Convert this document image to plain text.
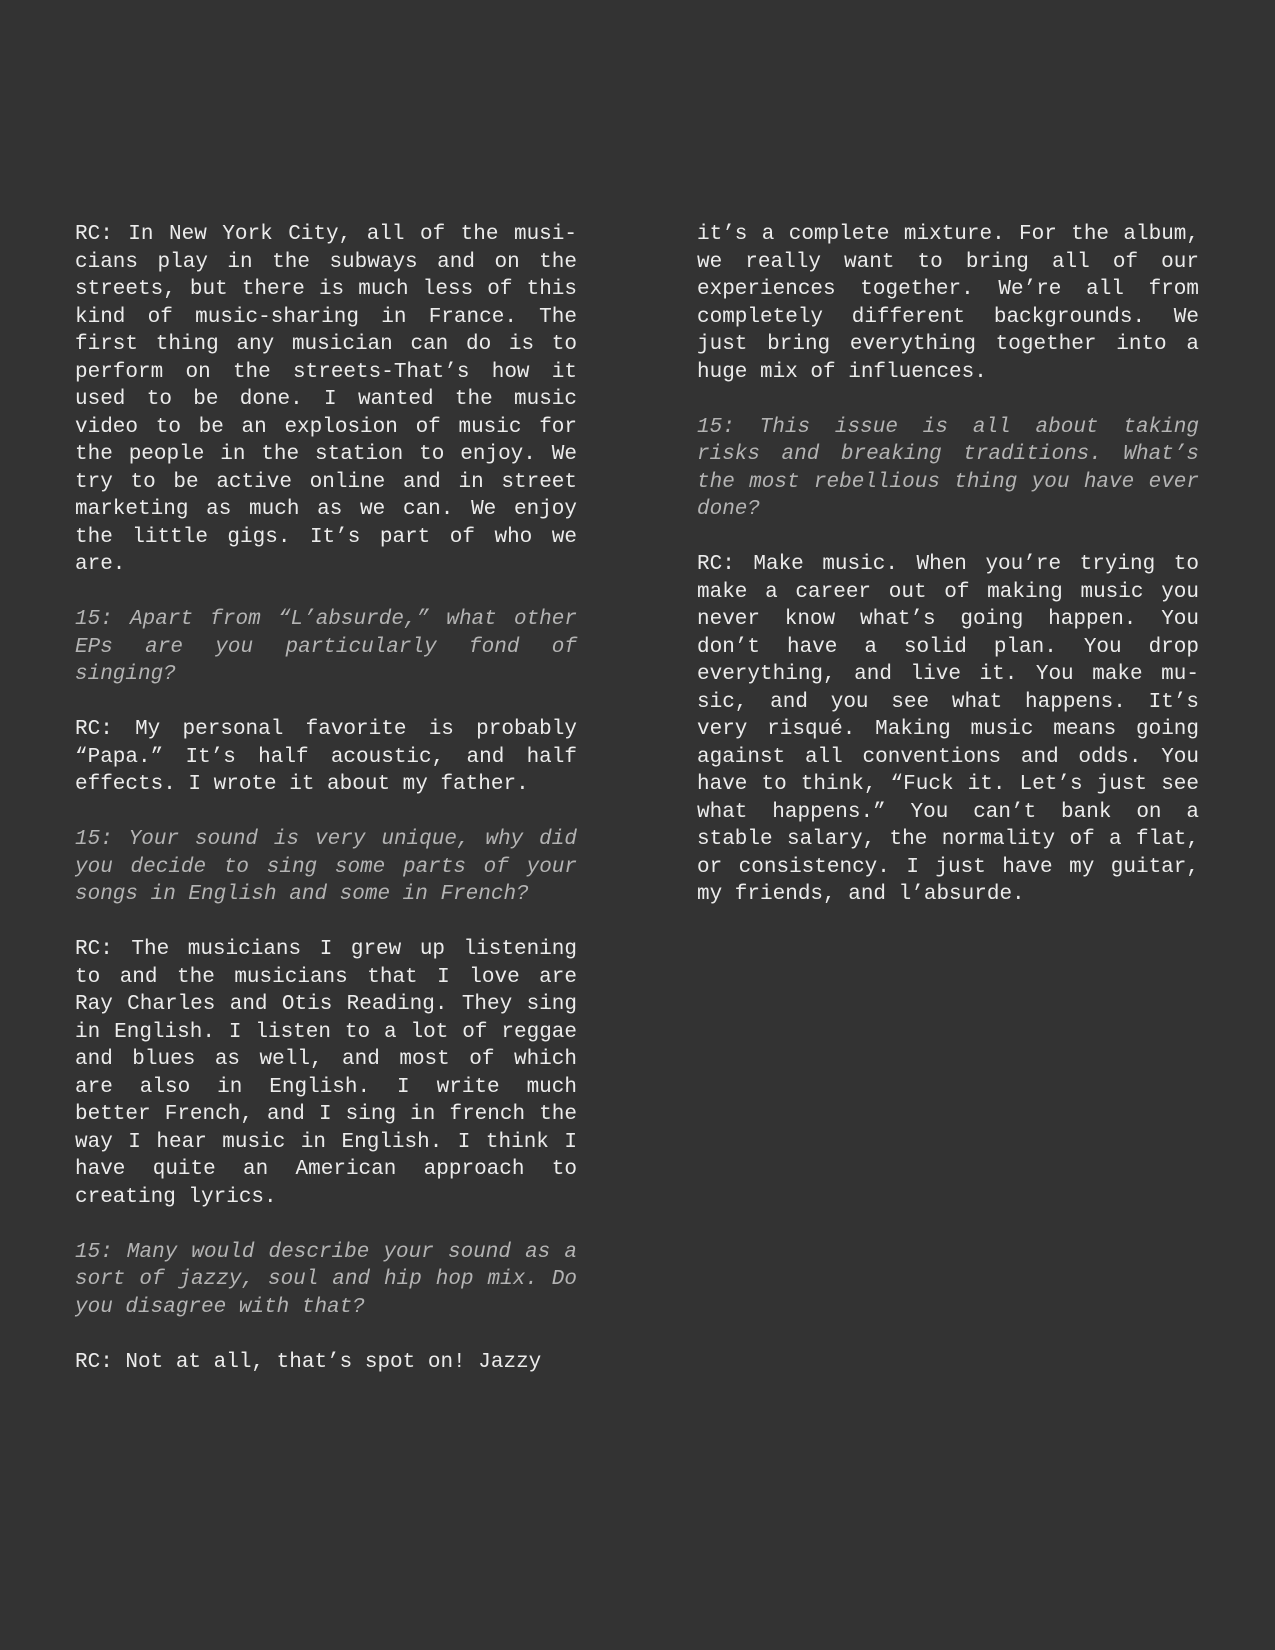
RC: In New York City, all of the musicians play in the subways and on the streets, but there is much less of this kind of music-sharing in France. The first thing any musician can do is to perform on the streets-That’s how it used to be done. I wanted the music video to be an explosion of music for the people in the station to enjoy. We try to be active online and in street marketing as much as we can. We enjoy the little gigs. It’s part of who we are.

15: Apart from “L’absurde,” what other EPs are you particularly fond of singing?

RC: My personal favorite is probably “Papa.” It’s half acoustic, and half effects. I wrote it about my father.

15: Your sound is very unique, why did you decide to sing some parts of your songs in English and some in French?

RC: The musicians I grew up listening to and the musicians that I love are Ray Charles and Otis Reading. They sing in English. I listen to a lot of reggae and blues as well, and most of which are also in English. I write much better French, and I sing in french the way I hear music in English. I think I have quite an American approach to creating lyrics.

15: Many would describe your sound as a sort of jazzy, soul and hip hop mix. Do you disagree with that?

RC: Not at all, that’s spot on! Jazzy

it’s a complete mixture. For the album, we really want to bring all of our experiences together. We’re all from completely different backgrounds. We just bring everything together into a huge mix of influences.

15: This issue is all about taking risks and breaking traditions. What’s the most rebellious thing you have ever done?

RC: Make music. When you’re trying to make a career out of making music you never know what’s going happen. You don’t have a solid plan. You drop everything, and live it. You make music, and you see what happens. It’s very risqué. Making music means going against all conventions and odds. You have to think, “Fuck it. Let’s just see what happens.” You can’t bank on a stable salary, the normality of a flat, or consistency. I just have my guitar, my friends, and l’absurde.
